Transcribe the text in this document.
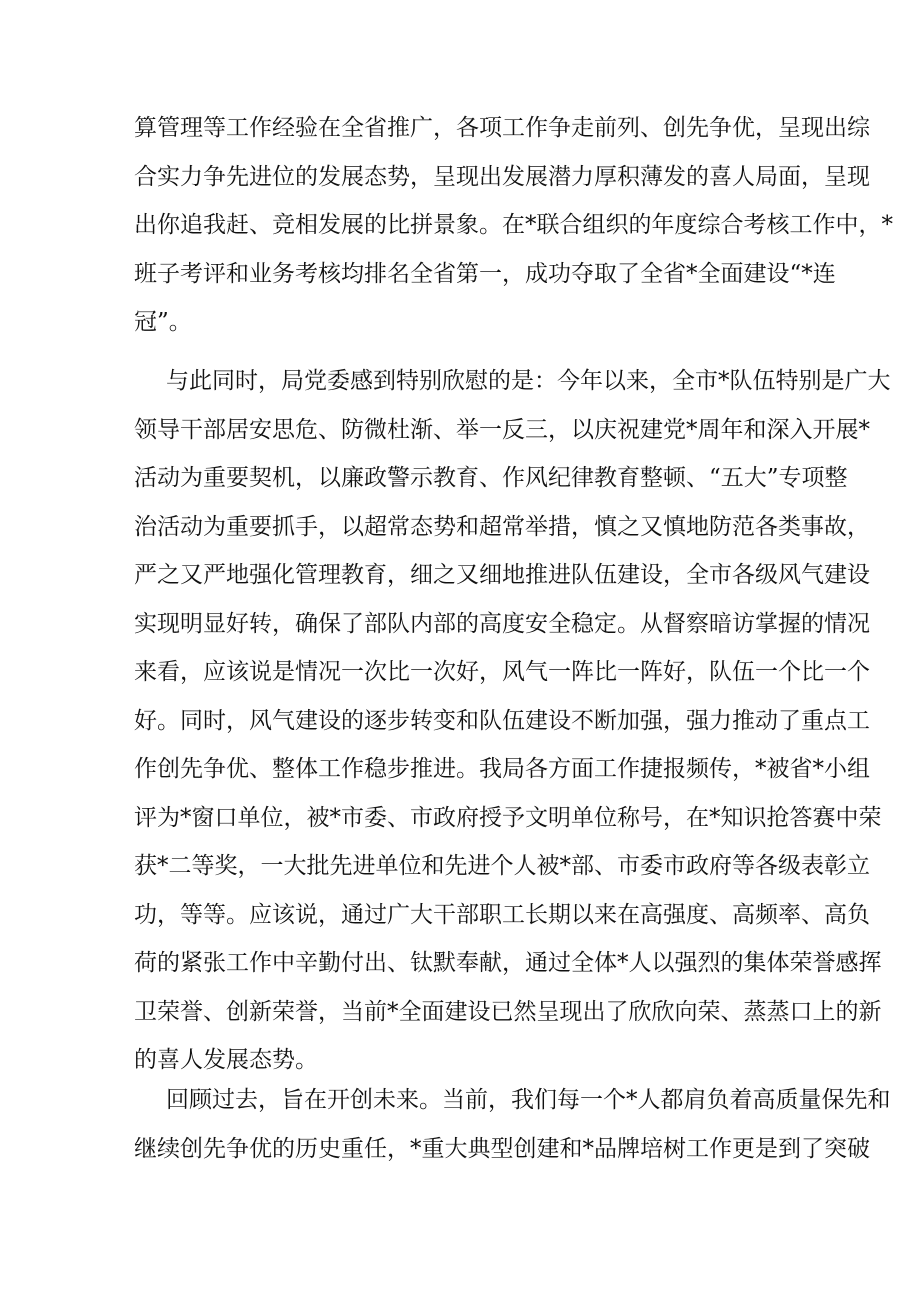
算管理等工作经验在全省推广，各项工作争走前列、创先争优，呈现出综
合实力争先进位的发展态势，呈现出发展潜力厚积薄发的喜人局面，呈现
出你追我赶、竞相发展的比拼景象。在*联合组织的年度综合考核工作中，*
班子考评和业务考核均排名全省第一，成功夺取了全省*全面建设“*连
冠”。
与此同时，局党委感到特别欣慰的是：今年以来，全市*队伍特别是广大
领导干部居安思危、防微杜渐、举一反三，以庆祝建党*周年和深入开展*
活动为重要契机，以廉政警示教育、作风纪律教育整顿、“五大”专项整
治活动为重要抓手，以超常态势和超常举措，慎之又慎地防范各类事故，
严之又严地强化管理教育，细之又细地推进队伍建设，全市各级风气建设
实现明显好转，确保了部队内部的高度安全稳定。从督察暗访掌握的情况
来看，应该说是情况一次比一次好，风气一阵比一阵好，队伍一个比一个
好。同时，风气建设的逐步转变和队伍建设不断加强，强力推动了重点工
作创先争优、整体工作稳步推进。我局各方面工作捷报频传，*被省*小组
评为*窗口单位，被*市委、市政府授予文明单位称号，在*知识抢答赛中荣
获*二等奖，一大批先进单位和先进个人被*部、市委市政府等各级表彰立
功，等等。应该说，通过广大干部职工长期以来在高强度、高频率、高负
荷的紧张工作中辛勤付出、钛默奉献，通过全体*人以强烈的集体荣誉感挥
卫荣誉、创新荣誉，当前*全面建设已然呈现出了欣欣向荣、蒸蒸口上的新
的喜人发展态势。
回顾过去，旨在开创未来。当前，我们每一个*人都肩负着高质量保先和
继续创先争优的历史重任，*重大典型创建和*品牌培树工作更是到了突破
